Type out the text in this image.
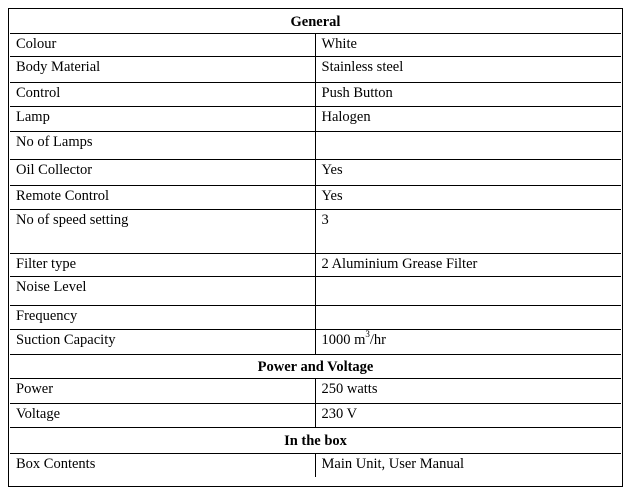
General	
Colour	White
Body Material	Stainless steel
Control	Push Button
Lamp	Halogen
No of Lamps	
Oil Collector	Yes
Remote Control	Yes
No of speed setting	3
Filter type	2 Aluminium Grease Filter
Noise Level	
Frequency	
Suction Capacity	1000 $m^3/hr$
Power and Voltage	
Power	250 watts
Voltage	230 V
In the box	
Box Contents	Main Unit, User Manual
